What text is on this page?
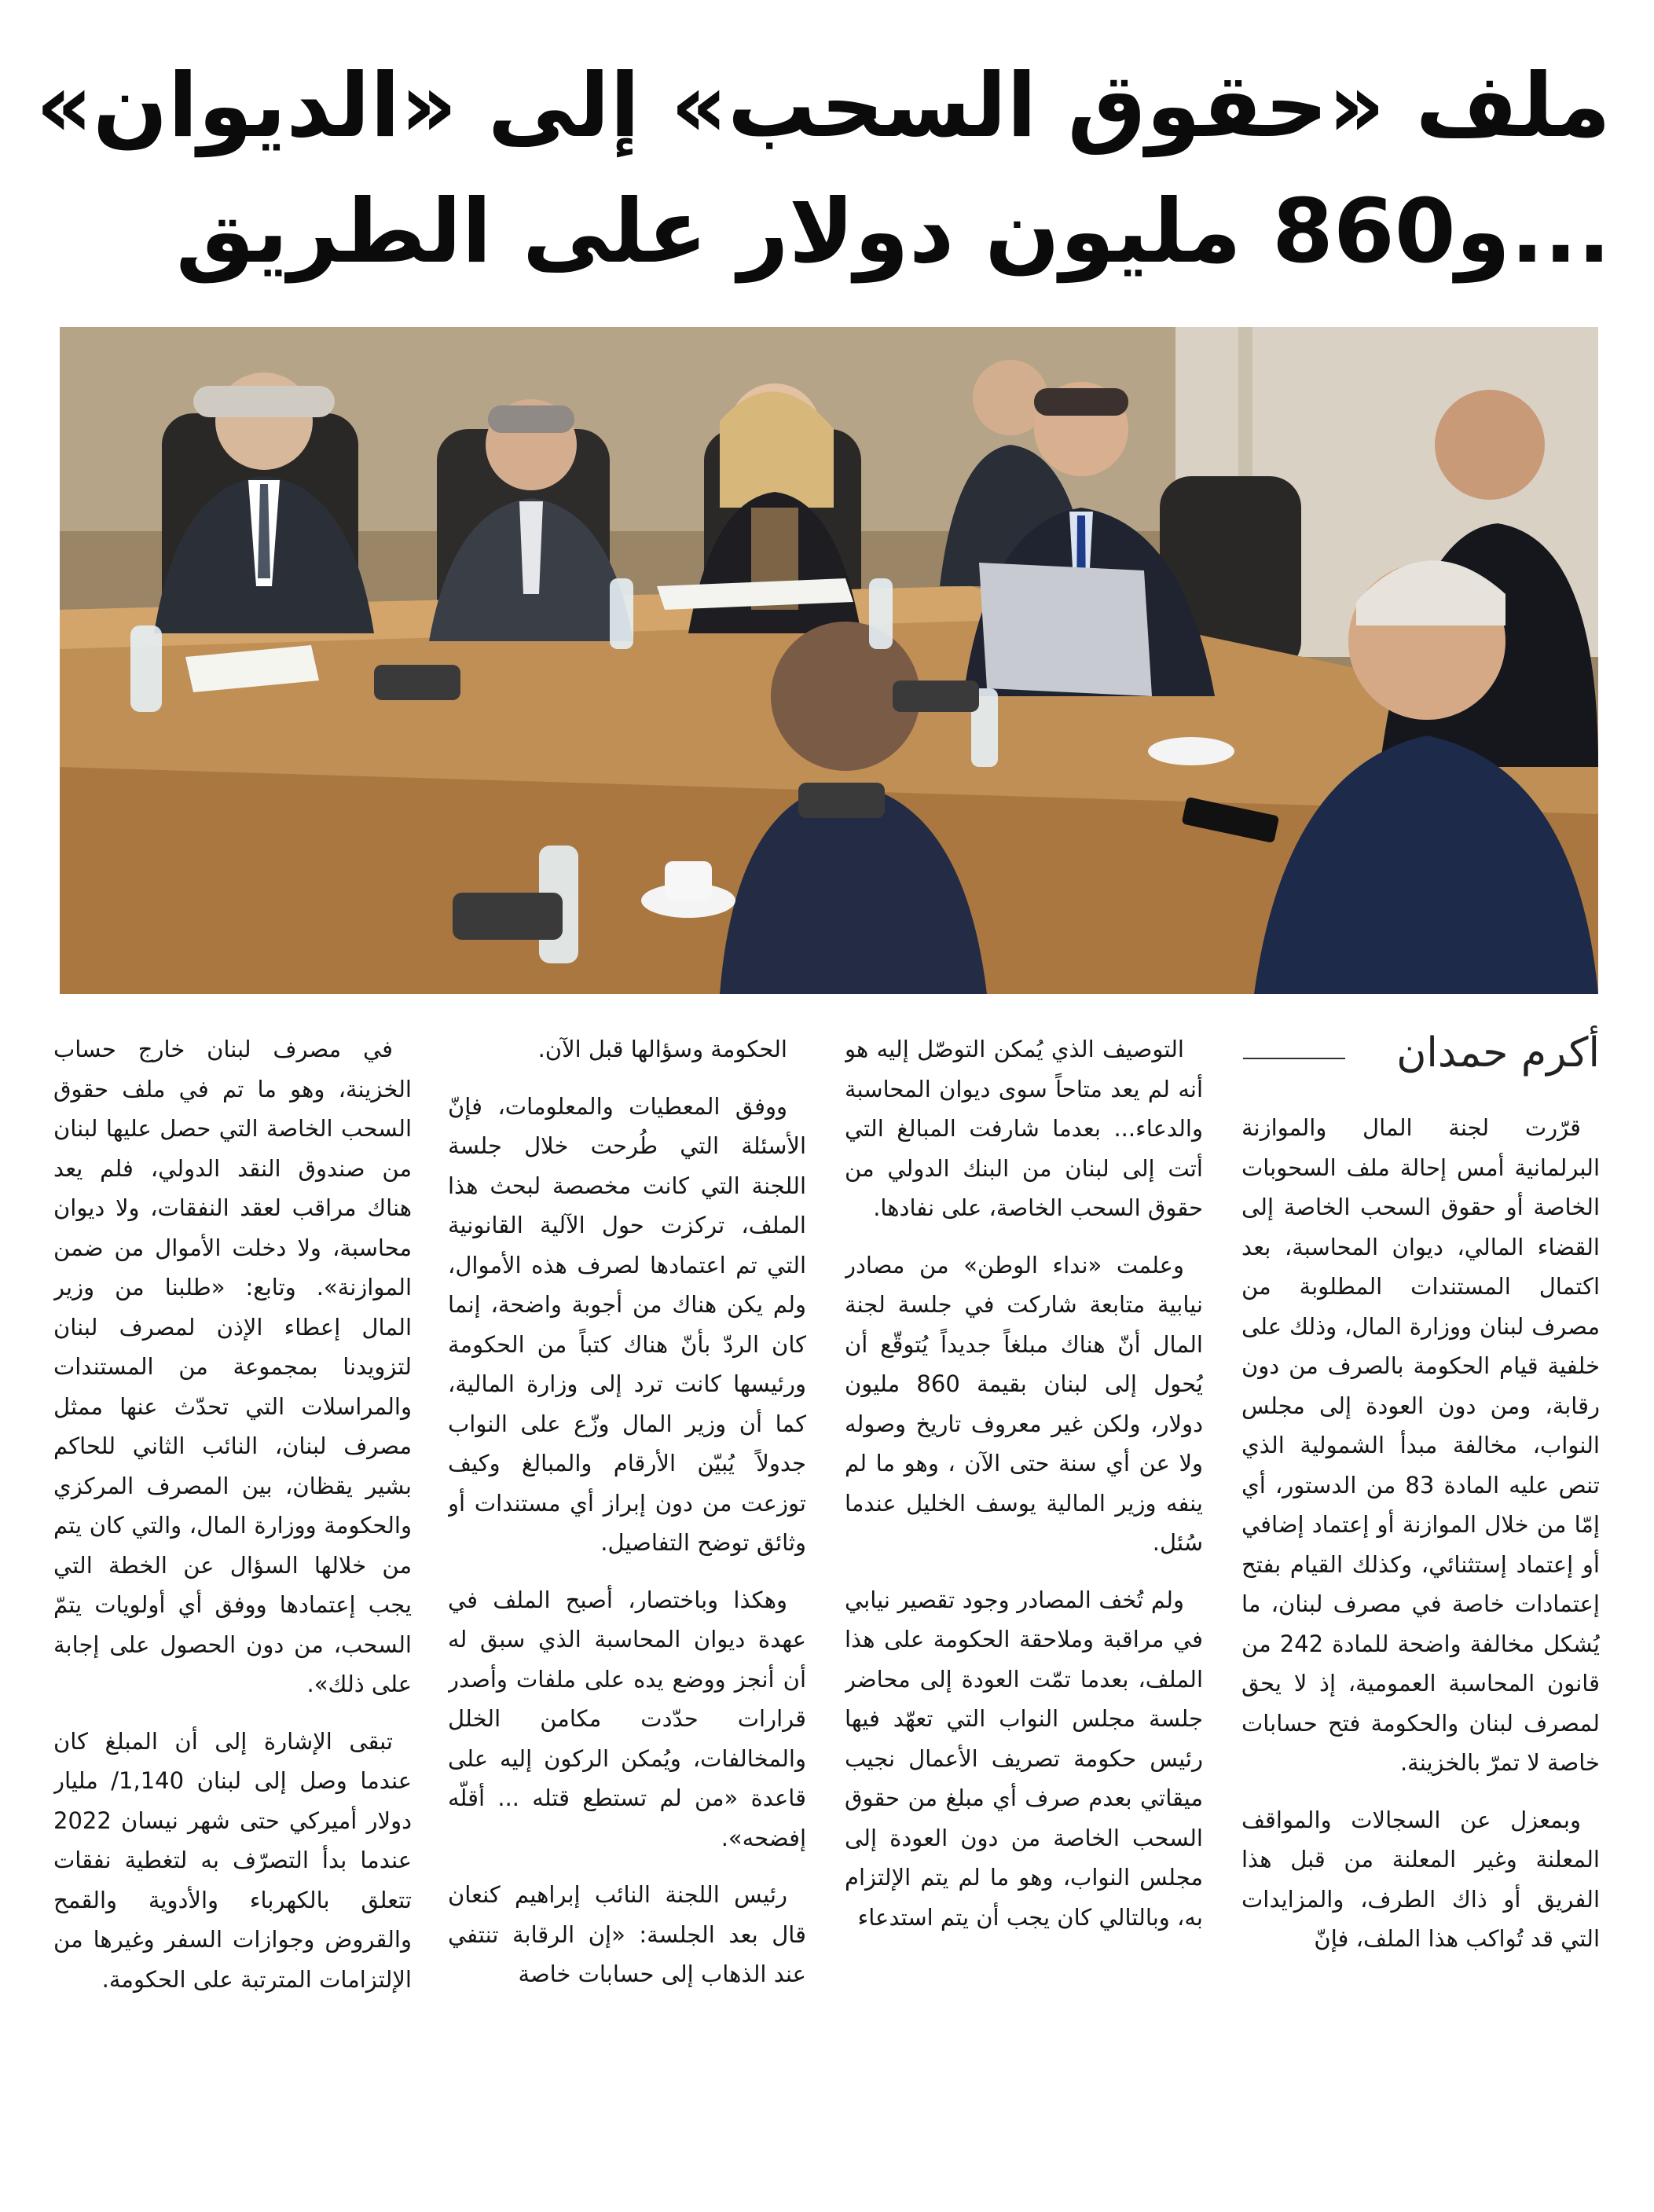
ملف «حقوق السحب» إلى «الديوان»
...و860 مليون دولار على الطريق
أكرم حمدان

قرّرت لجنة المال والموازنة البرلمانية أمس إحالة ملف السحوبات الخاصة أو حقوق السحب الخاصة إلى القضاء المالي، ديوان المحاسبة، بعد اكتمال المستندات المطلوبة من مصرف لبنان ووزارة المال، وذلك على خلفية قيام الحكومة بالصرف من دون رقابة، ومن دون العودة إلى مجلس النواب، مخالفة مبدأ الشمولية الذي تنص عليه المادة 83 من الدستور، أي إمّا من خلال الموازنة أو إعتماد إضافي أو إعتماد إستثنائي، وكذلك القيام بفتح إعتمادات خاصة في مصرف لبنان، ما يُشكل مخالفة واضحة للمادة 242 من قانون المحاسبة العمومية، إذ لا يحق لمصرف لبنان والحكومة فتح حسابات خاصة لا تمرّ بالخزينة.

وبمعزل عن السجالات والمواقف المعلنة وغير المعلنة من قبل هذا الفريق أو ذاك الطرف، والمزايدات التي قد تُواكب هذا الملف، فإنّ

التوصيف الذي يُمكن التوصّل إليه هو أنه لم يعد متاحاً سوى ديوان المحاسبة والدعاء... بعدما شارفت المبالغ التي أتت إلى لبنان من البنك الدولي من حقوق السحب الخاصة، على نفادها.

وعلمت «نداء الوطن» من مصادر نيابية متابعة شاركت في جلسة لجنة المال أنّ هناك مبلغاً جديداً يُتوقّع أن يُحول إلى لبنان بقيمة 860 مليون دولار، ولكن غير معروف تاريخ وصوله ولا عن أي سنة حتى الآن ، وهو ما لم ينفه وزير المالية يوسف الخليل عندما سُئل.

ولم تُخف المصادر وجود تقصير نيابي في مراقبة وملاحقة الحكومة على هذا الملف، بعدما تمّت العودة إلى محاضر جلسة مجلس النواب التي تعهّد فيها رئيس حكومة تصريف الأعمال نجيب ميقاتي بعدم صرف أي مبلغ من حقوق السحب الخاصة من دون العودة إلى مجلس النواب، وهو ما لم يتم الإلتزام به، وبالتالي كان يجب أن يتم استدعاء

الحكومة وسؤالها قبل الآن.

ووفق المعطيات والمعلومات، فإنّ الأسئلة التي طُرحت خلال جلسة اللجنة التي كانت مخصصة لبحث هذا الملف، تركزت حول الآلية القانونية التي تم اعتمادها لصرف هذه الأموال، ولم يكن هناك من أجوبة واضحة، إنما كان الردّ بأنّ هناك كتباً من الحكومة ورئيسها كانت ترد إلى وزارة المالية، كما أن وزير المال وزّع على النواب جدولاً يُبيّن الأرقام والمبالغ وكيف توزعت من دون إبراز أي مستندات أو وثائق توضح التفاصيل.

وهكذا وباختصار، أصبح الملف في عهدة ديوان المحاسبة الذي سبق له أن أنجز ووضع يده على ملفات وأصدر قرارات حدّدت مكامن الخلل والمخالفات، ويُمكن الركون إليه على قاعدة «من لم تستطع قتله ... أقلّه إفضحه».

رئيس اللجنة النائب إبراهيم كنعان قال بعد الجلسة: «إن الرقابة تنتفي عند الذهاب إلى حسابات خاصة

في مصرف لبنان خارج حساب الخزينة، وهو ما تم في ملف حقوق السحب الخاصة التي حصل عليها لبنان من صندوق النقد الدولي، فلم يعد هناك مراقب لعقد النفقات، ولا ديوان محاسبة، ولا دخلت الأموال من ضمن الموازنة». وتابع: «طلبنا من وزير المال إعطاء الإذن لمصرف لبنان لتزويدنا بمجموعة من المستندات والمراسلات التي تحدّث عنها ممثل مصرف لبنان، النائب الثاني للحاكم بشير يقظان، بين المصرف المركزي والحكومة ووزارة المال، والتي كان يتم من خلالها السؤال عن الخطة التي يجب إعتمادها ووفق أي أولويات يتمّ السحب، من دون الحصول على إجابة على ذلك».

تبقى الإشارة إلى أن المبلغ كان عندما وصل إلى لبنان 1,140/ مليار دولار أميركي حتى شهر نيسان 2022 عندما بدأ التصرّف به لتغطية نفقات تتعلق بالكهرباء والأدوية والقمح والقروض وجوازات السفر وغيرها من الإلتزامات المترتبة على الحكومة.
